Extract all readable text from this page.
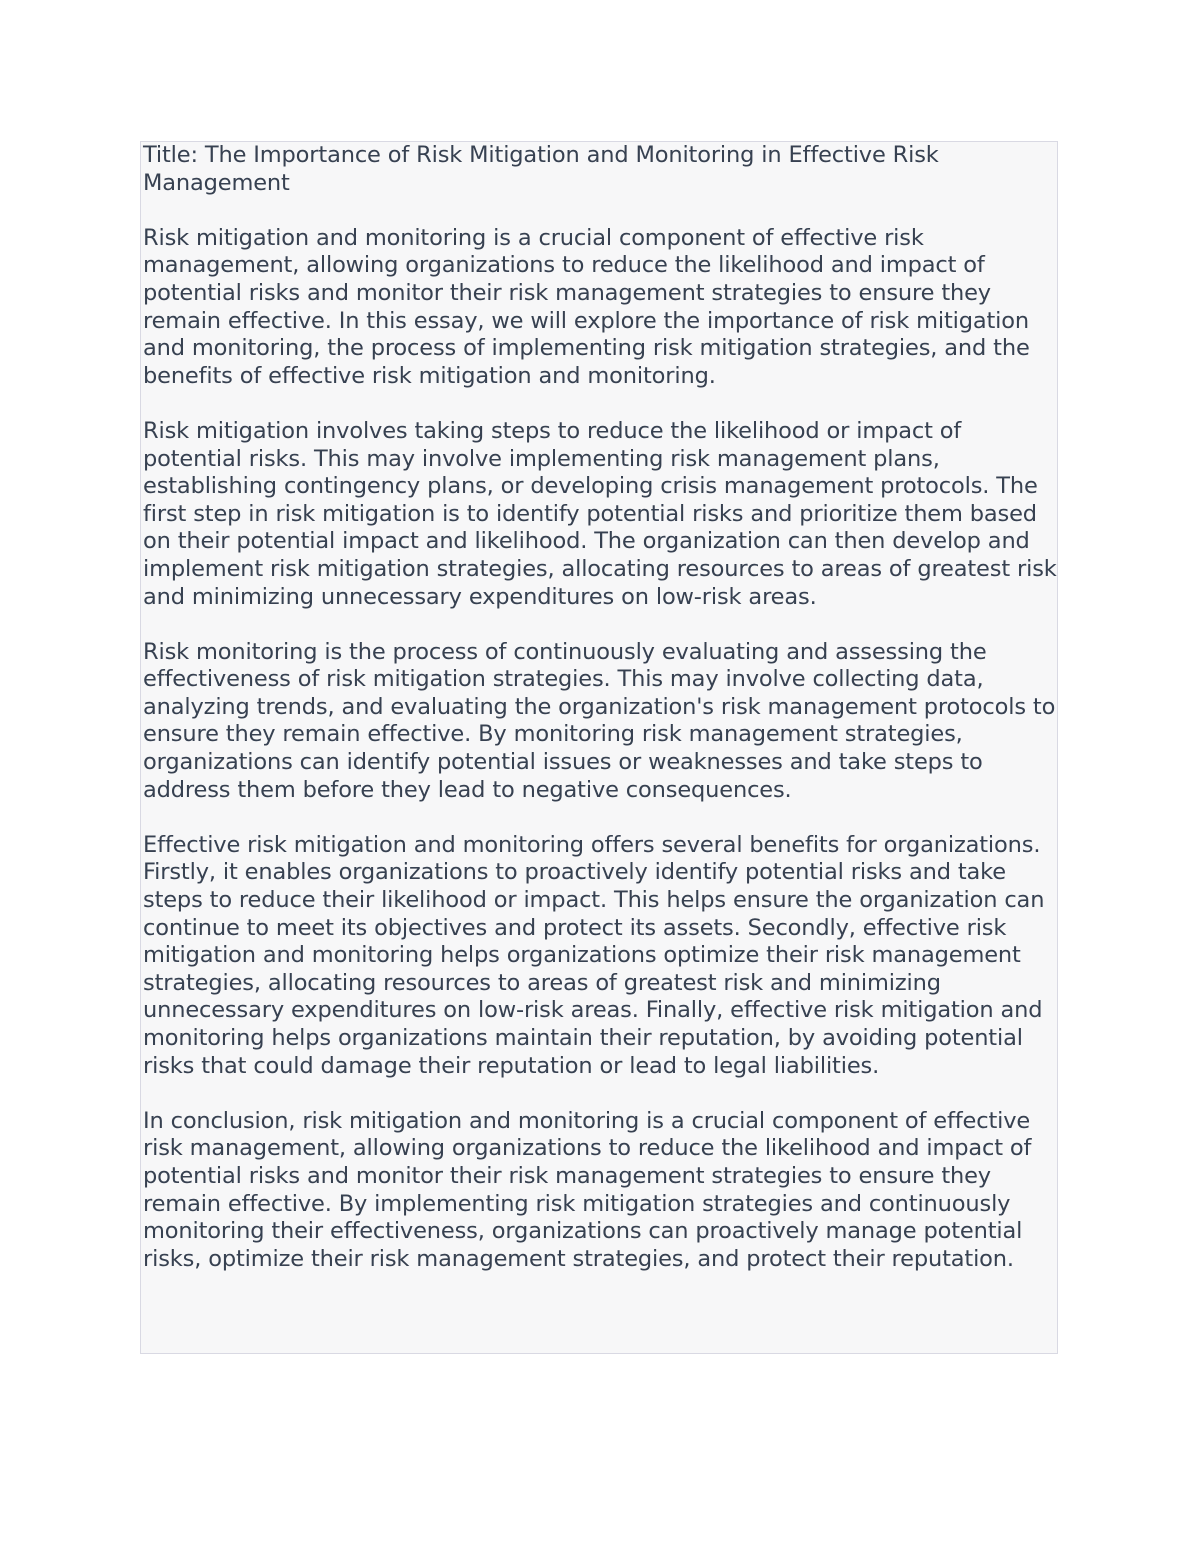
Title: The Importance of Risk Mitigation and Monitoring in Effective Risk Management

Risk mitigation and monitoring is a crucial component of effective risk management, allowing organizations to reduce the likelihood and impact of potential risks and monitor their risk management strategies to ensure they remain effective. In this essay, we will explore the importance of risk mitigation and monitoring, the process of implementing risk mitigation strategies, and the benefits of effective risk mitigation and monitoring.

Risk mitigation involves taking steps to reduce the likelihood or impact of potential risks. This may involve implementing risk management plans, establishing contingency plans, or developing crisis management protocols. The first step in risk mitigation is to identify potential risks and prioritize them based on their potential impact and likelihood. The organization can then develop and implement risk mitigation strategies, allocating resources to areas of greatest risk and minimizing unnecessary expenditures on low-risk areas.

Risk monitoring is the process of continuously evaluating and assessing the effectiveness of risk mitigation strategies. This may involve collecting data, analyzing trends, and evaluating the organization's risk management protocols to ensure they remain effective. By monitoring risk management strategies, organizations can identify potential issues or weaknesses and take steps to address them before they lead to negative consequences.

Effective risk mitigation and monitoring offers several benefits for organizations. Firstly, it enables organizations to proactively identify potential risks and take steps to reduce their likelihood or impact. This helps ensure the organization can continue to meet its objectives and protect its assets. Secondly, effective risk mitigation and monitoring helps organizations optimize their risk management strategies, allocating resources to areas of greatest risk and minimizing unnecessary expenditures on low-risk areas. Finally, effective risk mitigation and monitoring helps organizations maintain their reputation, by avoiding potential risks that could damage their reputation or lead to legal liabilities.

In conclusion, risk mitigation and monitoring is a crucial component of effective risk management, allowing organizations to reduce the likelihood and impact of potential risks and monitor their risk management strategies to ensure they remain effective. By implementing risk mitigation strategies and continuously monitoring their effectiveness, organizations can proactively manage potential risks, optimize their risk management strategies, and protect their reputation.
